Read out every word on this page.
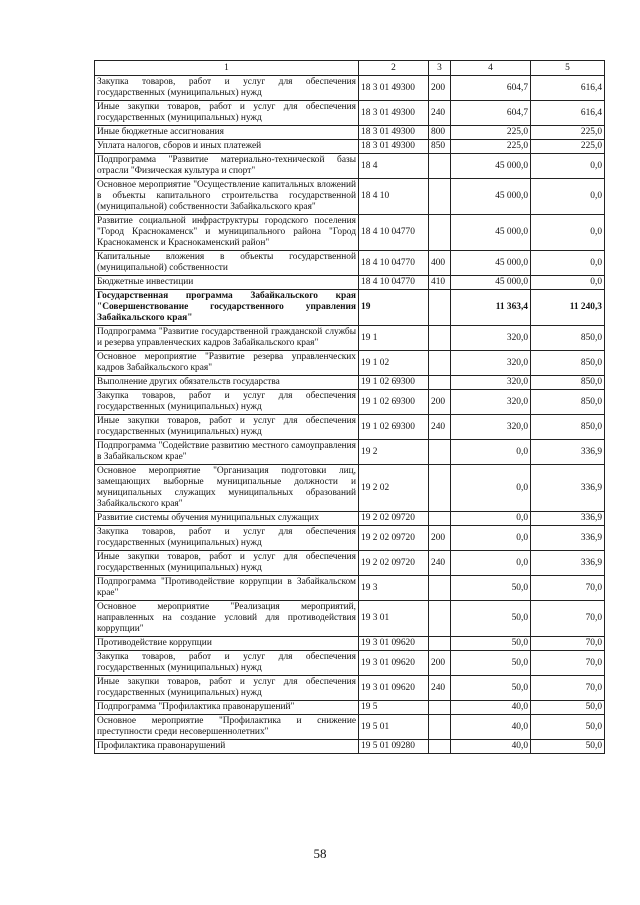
1	2	3	4	5
Закупка товаров, работ и услуг для обеспечения государственных (муниципальных) нужд	18 3 01 49300	200	604,7	616,4
Иные закупки товаров, работ и услуг для обеспечения государственных (муниципальных) нужд	18 3 01 49300	240	604,7	616,4
Иные бюджетные ассигнования	18 3 01 49300	800	225,0	225,0
Уплата налогов, сборов и иных платежей	18 3 01 49300	850	225,0	225,0
Подпрограмма "Развитие материально-технической базы отрасли "Физическая культура и спорт"	18 4		45 000,0	0,0
Основное мероприятие "Осуществление капитальных вложений в объекты капитального строительства государственной (муниципальной) собственности Забайкальского края"	18 4 10		45 000,0	0,0
Развитие социальной инфраструктуры городского поселения "Город Краснокаменск" и муниципального района "Город Краснокаменск и Краснокаменский район"	18 4 10 04770		45 000,0	0,0
Капитальные вложения в объекты государственной (муниципальной) собственности	18 4 10 04770	400	45 000,0	0,0
Бюджетные инвестиции	18 4 10 04770	410	45 000,0	0,0
Государственная программа Забайкальского края "Совершенствование государственного управления Забайкальского края"	19		11 363,4	11 240,3
Подпрограмма "Развитие государственной гражданской службы и резерва управленческих кадров Забайкальского края"	19 1		320,0	850,0
Основное мероприятие "Развитие резерва управленческих кадров Забайкальского края"	19 1 02		320,0	850,0
Выполнение других обязательств государства	19 1 02 69300		320,0	850,0
Закупка товаров, работ и услуг для обеспечения государственных (муниципальных) нужд	19 1 02 69300	200	320,0	850,0
Иные закупки товаров, работ и услуг для обеспечения государственных (муниципальных) нужд	19 1 02 69300	240	320,0	850,0
Подпрограмма "Содействие развитию местного самоуправления в Забайкальском крае"	19 2		0,0	336,9
Основное мероприятие "Организация подготовки лиц, замещающих выборные муниципальные должности и муниципальных служащих муниципальных образований Забайкальского края"	19 2 02		0,0	336,9
Развитие системы обучения муниципальных служащих	19 2 02 09720		0,0	336,9
Закупка товаров, работ и услуг для обеспечения государственных (муниципальных) нужд	19 2 02 09720	200	0,0	336,9
Иные закупки товаров, работ и услуг для обеспечения государственных (муниципальных) нужд	19 2 02 09720	240	0,0	336,9
Подпрограмма "Противодействие коррупции в Забайкальском крае"	19 3		50,0	70,0
Основное мероприятие "Реализация мероприятий, направленных на создание условий для противодействия коррупции"	19 3 01		50,0	70,0
Противодействие коррупции	19 3 01 09620		50,0	70,0
Закупка товаров, работ и услуг для обеспечения государственных (муниципальных) нужд	19 3 01 09620	200	50,0	70,0
Иные закупки товаров, работ и услуг для обеспечения государственных (муниципальных) нужд	19 3 01 09620	240	50,0	70,0
Подпрограмма "Профилактика правонарушений"	19 5		40,0	50,0
Основное мероприятие "Профилактика и снижение преступности среди несовершеннолетних"	19 5 01		40,0	50,0
Профилактика правонарушений	19 5 01 09280		40,0	50,0
58
